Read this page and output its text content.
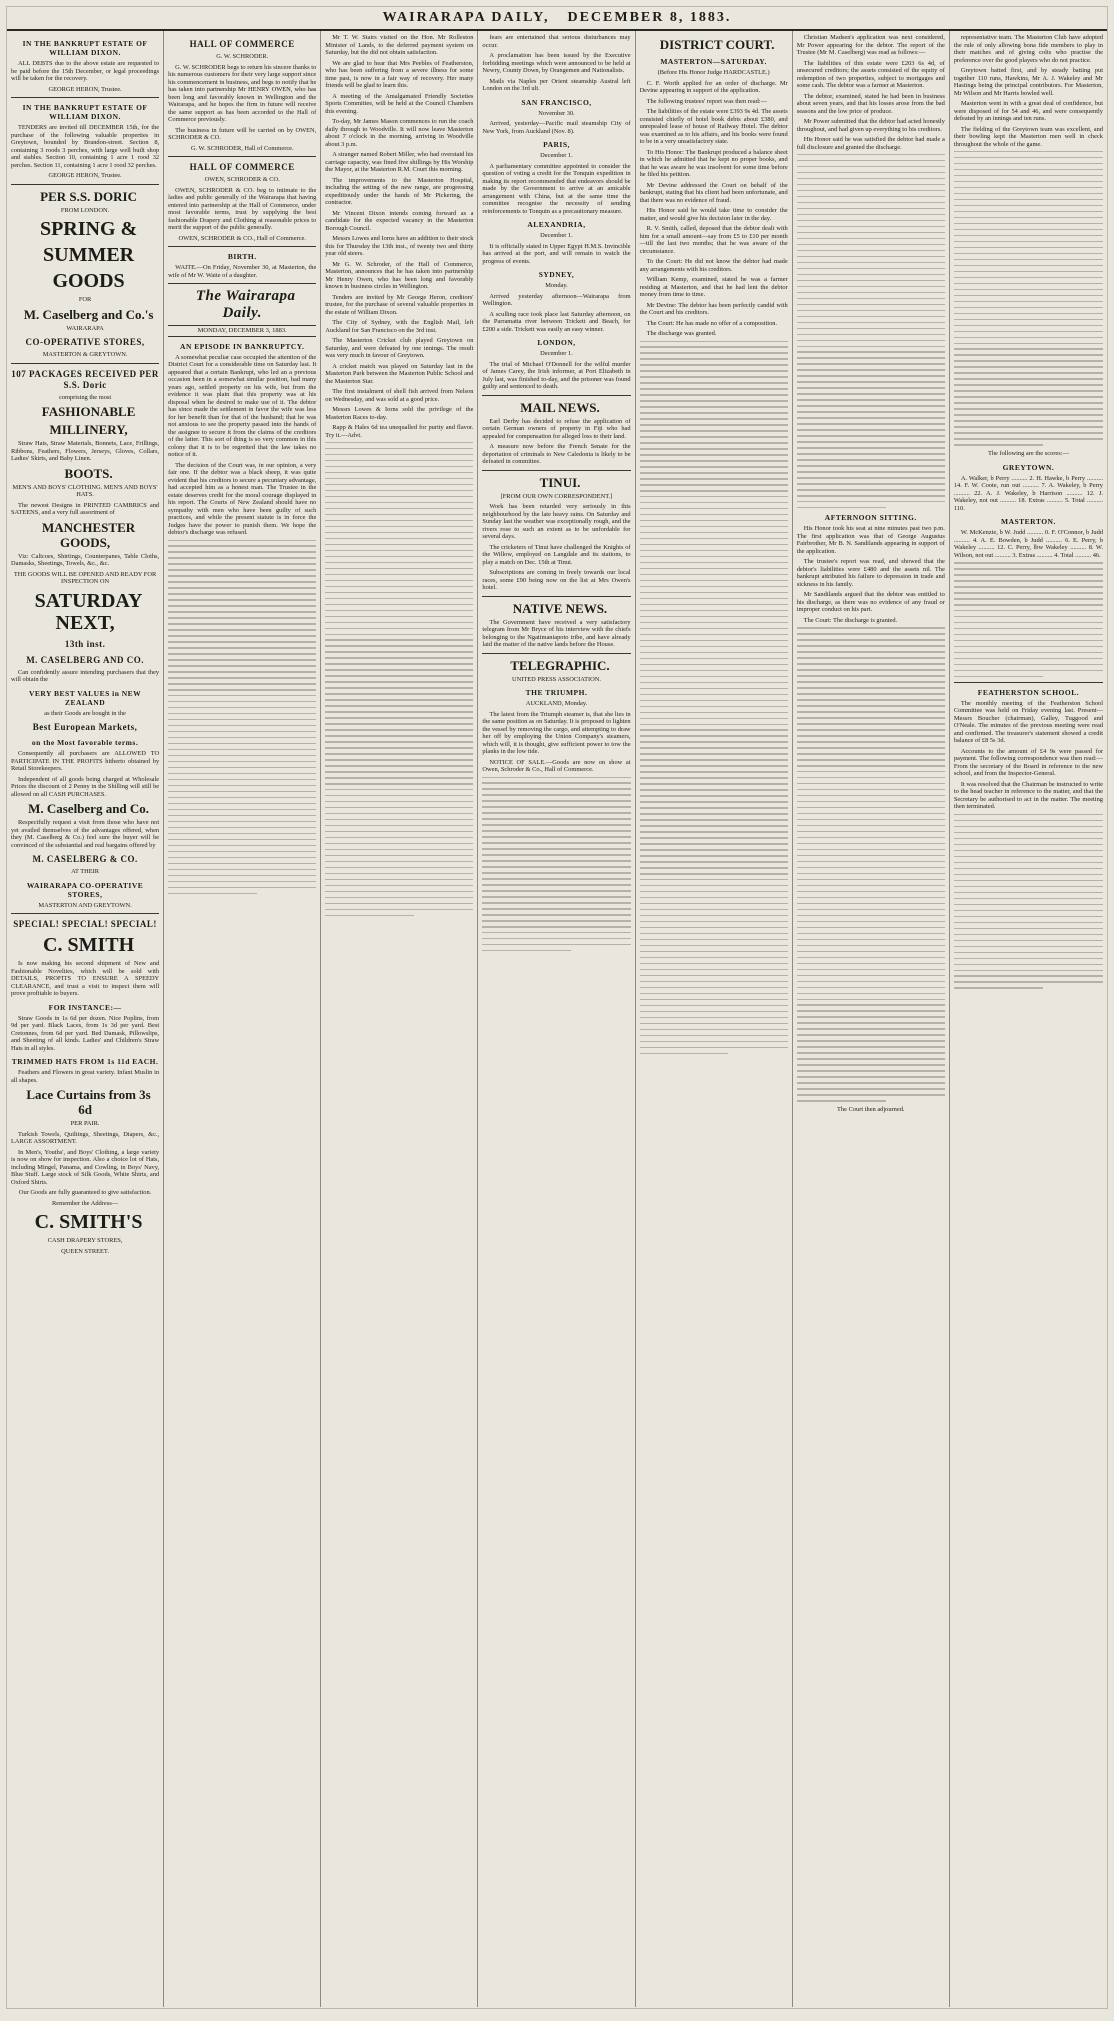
WAIRARAPA DAILY, DECEMBER 8, 1883.

IN THE BANKRUPT ESTATE OF WILLIAM DIXON.

ALL DEBTS due to the above estate are requested to be paid before the 15th December, or legal proceedings will be taken for the recovery.

GEORGE HERON, Trustee.

IN THE BANKRUPT ESTATE OF WILLIAM DIXON.

TENDERS are invited till DECEMBER 15th, for the purchase of the following valuable properties in Greytown, bounded by Brandon-street. Section 8, containing 3 roods 3 perches, with large well built shop and stables. Section 10, containing 1 acre 1 rood 32 perches. Section 11, containing 1 acre 1 rood 32 perches.

GEORGE HERON, Trustee.

PER S.S. DORIC

FROM LONDON.

SPRING &

SUMMER

GOODS

FOR

M. Caselberg and Co.'s

WAIRARAPA

CO-OPERATIVE STORES,

MASTERTON & GREYTOWN.

107 PACKAGES RECEIVED PER S.S. Doric

comprising the most

FASHIONABLE

MILLINERY,

Straw Hats, Straw Materials, Bonnets, Lace, Frillings, Ribbons, Feathers, Flowers, Jerseys, Gloves, Collars, Ladies' Skirts, and Baby Linen.

BOOTS.

MEN'S AND BOYS' CLOTHING. MEN'S AND BOYS' HATS.

The newest Designs in PRINTED CAMBRICS and SATEENS, and a very full assortment of

MANCHESTER GOODS,

Viz: Calicoes, Shirtings, Counterpanes, Table Cloths, Damasks, Sheetings, Towels, &c., &c.

THE GOODS WILL BE OPENED AND READY FOR INSPECTION ON

SATURDAY NEXT,

13th inst.

M. CASELBERG AND CO.

Can confidently assure intending purchasers that they will obtain the

VERY BEST VALUES in NEW ZEALAND

as their Goods are bought in the

Best European Markets,

on the Most favorable terms.

Consequently all purchasers are ALLOWED TO PARTICIPATE IN THE PROFITS hitherto obtained by Retail Storekeepers.

Independent of all goods being charged at Wholesale Prices the discount of 2 Penny in the Shilling will still be allowed on all CASH PURCHASES.

M. Caselberg and Co.

Respectfully request a visit from those who have not yet availed themselves of the advantages offered, when they (M. Caselberg & Co.) feel sure the buyer will be convinced of the substantial and real bargains offered by

M. CASELBERG & CO.

AT THEIR

WAIRARAPA CO-OPERATIVE STORES,

MASTERTON AND GREYTOWN.

SPECIAL! SPECIAL! SPECIAL!

C. SMITH

Is now making his second shipment of New and Fashionable Novelties, which will be sold with DETAILS, PROFITS TO ENSURE A SPEEDY CLEARANCE, and trust a visit to inspect them will prove profitable to buyers.

FOR INSTANCE:—

Straw Goods in 1s 6d per dozen. Nice Poplins, from 9d per yard. Black Laces, from 1s 3d per yard. Best Cretonnes, from 6d per yard. Bed Damask, Pillowslips, and Sheeting of all kinds. Ladies' and Children's Straw Hats in all styles.

TRIMMED HATS FROM 1s 11d EACH.

Feathers and Flowers in great variety. Infant Muslin in all shapes.

Lace Curtains from 3s 6d

PER PAIR.

Turkish Towels, Quiltings, Sheetings, Diapers, &c., LARGE ASSORTMENT.

In Men's, Youths', and Boys' Clothing, a large variety is now on show for inspection. Also a choice lot of Hats, including Mingel, Panama, and Cowling, in Boys' Navy, Blue Stuff. Large stock of Silk Goods, White Shirts, and Oxford Shirts.

Our Goods are fully guaranteed to give satisfaction.

Remember the Address—

C. SMITH'S

CASH DRAPERY STORES,

QUEEN STREET.

HALL OF COMMERCE

G. W. SCHRODER.

G. W. SCHRODER begs to return his sincere thanks to his numerous customers for their very large support since his commencement in business, and begs to notify that he has taken into partnership Mr HENRY OWEN, who has been long and favorably known in Wellington and the Wairarapa, and he hopes the firm in future will receive the same support as has been accorded to the Hall of Commerce previously.

The business in future will be carried on by OWEN, SCHRODER & CO.

G. W. SCHRODER, Hall of Commerce.

HALL OF COMMERCE

OWEN, SCHRODER & CO.

OWEN, SCHRODER & CO. beg to intimate to the ladies and public generally of the Wairarapa that having entered into partnership at the Hall of Commerce, under most favorable terms, trust by supplying the best fashionable Drapery and Clothing at reasonable prices to merit the support of the public generally.

OWEN, SCHRODER & CO., Hall of Commerce.

BIRTH.

WAITE.—On Friday, November 30, at Masterton, the wife of Mr W. Waite of a daughter.

The Wairarapa Daily.

MONDAY, DECEMBER 3, 1883.

AN EPISODE IN BANKRUPTCY.

A somewhat peculiar case occupied the attention of the District Court for a considerable time on Saturday last. It appeared that a certain Bankrupt, who led an a previous occasion been in a somewhat similar position, had many years ago, settled property on his wife, but from the evidence it was plain that this property was at his disposal when he desired to make use of it. The debtor has since made the settlement in favor the wife was less for her benefit than for that of the husband; that he was not anxious to see the property passed into the hands of the assignee to secure it from the claims of the creditors of the latter. This sort of thing is so very common in this colony that it is to be regretted that the law takes no notice of it.

The decision of the Court was, in our opinion, a very fair one. If the debtor was a black sheep, it was quite evident that his creditors to secure a pecuniary advantage, had accepted him as a honest man. The Trustee in the estate deserves credit for the moral courage displayed in his report. The Courts of New Zealand should have no sympathy with men who have been guilty of such practices, and while the present statute is in force the Judges have the power to punish them. We hope the debtor's discharge was refused.

Mr T. W. Stairs visited on the Hon. Mr Rolleston Minister of Lands, to the deferred payment system on Saturday, but the did not obtain satisfaction.

We are glad to hear that Mrs Peebles of Featherston, who has been suffering from a severe illness for some time past, is now in a fair way of recovery. Her many friends will be glad to learn this.

A meeting of the Amalgamated Friendly Societies Sports Committee, will be held at the Council Chambers this evening.

To-day, Mr James Mason commences to run the coach daily through to Woodville. It will now leave Masterton about 7 o'clock in the morning, arriving in Woodville about 3 p.m.

A stranger named Robert Miller, who had overstaid his carriage capacity, was fined five shillings by His Worship the Mayor, at the Masterton R.M. Court this morning.

The improvements to the Masterton Hospital, including the setting of the new range, are progressing expeditiously under the hands of Mr Pickering, the contractor.

Mr Vincent Dixon intends coming forward as a candidate for the expected vacancy in the Masterton Borough Council.

Messrs Lowes and Iorns have an addition to their stock this for Thursday the 13th inst., of twenty two and thirty year old steers.

Mr G. W. Schroder, of the Hall of Commerce, Masterton, announces that he has taken into partnership Mr Henry Owen, who has been long and favorably known in business circles in Wellington.

Tenders are invited by Mr George Heron, creditors' trustee, for the purchase of several valuable properties in the estate of William Dixon.

The City of Sydney, with the English Mail, left Auckland for San Francisco on the 3rd inst.

The Masterton Cricket club played Greytown on Saturday, and were defeated by one innings. The result was very much in favour of Greytown.

A cricket match was played on Saturday last in the Masterton Park between the Masterton Public School and the Masterton Star.

The first instalment of shell fish arrived from Nelson on Wednesday, and was sold at a good price.

Messrs Lowes & Iorns sold the privilege of the Masterton Races to-day.

Rapp & Hales 6d tea unequalled for purity and flavor. Try it.—Advt.

fears are entertained that serious disturbances may occur.

A proclamation has been issued by the Executive forbidding meetings which were announced to be held at Newry, County Down, by Orangemen and Nationalists.

Mails via Naples per Orient steamship Austral left London on the 3rd ult.

SAN FRANCISCO,

November 30.

Arrived, yesterday—Pacific mail steamship City of New York, from Auckland (Nov. 8).

PARIS,

December 1.

A parliamentary committee appointed to consider the question of voting a credit for the Tonquin expedition in making its report recommended that endeavors should be made by the Government to arrive at an amicable arrangement with China, but at the same time the committee recognise the necessity of sending reinforcements to Tonquin as a precautionary measure.

ALEXANDRIA,

December 1.

It is officially stated in Upper Egypt H.M.S. Invincible has arrived at the port, and will remain to watch the progress of events.

SYDNEY,

Monday.

Arrived yesterday afternoon—Wairarapa from Wellington.

A sculling race took place last Saturday afternoon, on the Parramatta river between Trickett and Beach, for £200 a side. Trickett was easily an easy winner.

LONDON,

December 1.

The trial of Michael O'Donnell for the wilful murder of James Carey, the Irish informer, at Port Elizabeth in July last, was finished to-day, and the prisoner was found guilty and sentenced to death.

MAIL NEWS.

Earl Derby has decided to refuse the application of certain German owners of property in Fiji who had appealed for compensation for alleged loss to their land.

A measure now before the French Senate for the deportation of criminals to New Caledonia is likely to be defeated in committee.

TINUI.

[FROM OUR OWN CORRESPONDENT.]

Work has been retarded very seriously in this neighbourhood by the late heavy rains. On Saturday and Sunday last the weather was exceptionally rough, and the rivers rose to such an extent as to be unfordable for several days.

The cricketers of Tinui have challenged the Knights of the Willow, employed on Langdale and its stations, to play a match on Dec. 15th at Tinui.

Subscriptions are coming in freely towards our local races, some £90 being now on the list at Mrs Owen's hotel.

NATIVE NEWS.

The Government have received a very satisfactory telegram from Mr Bryce of his interview with the chiefs belonging to the Ngatimaniapoto tribe, and have already laid the matter of the native lands before the House.

TELEGRAPHIC.

UNITED PRESS ASSOCIATION.

THE TRIUMPH.

AUCKLAND, Monday.

The latest from the Triumph steamer is, that she lies in the same position as on Saturday. It is proposed to lighten the vessel by removing the cargo, and attempting to draw her off by employing the Union Company's steamers, which will, it is thought, give sufficient power to tow the planks in the low tide.

NOTICE OF SALE.—Goods are now on show at Owen, Schroder & Co., Hall of Commerce.

DISTRICT COURT.

MASTERTON—SATURDAY.

(Before His Honor Judge HARDCASTLE.)

C. F. Worth applied for an order of discharge. Mr Devine appearing in support of the application.

The following trustees' report was then read:—

The liabilities of the estate were £393 9s 4d. The assets consisted chiefly of hotel book debts about £380, and unrepealed lease of house of Railway Hotel. The debtor was examined as to his affairs, and his books were found to be in a very unsatisfactory state.

To His Honor: The Bankrupt produced a balance sheet in which he admitted that he kept no proper books, and that he was aware he was insolvent for some time before he filed his petition.

Mr Devine addressed the Court on behalf of the bankrupt, stating that his client had been unfortunate, and that there was no evidence of fraud.

His Honor said he would take time to consider the matter, and would give his decision later in the day.

R. V. Smith, called, deposed that the debtor dealt with him for a small amount—say from £5 to £10 per month—till the last two months; that he was aware of the circumstance.

To the Court: He did not know the debtor had made any arrangements with his creditors.

William Kemp, examined, stated he was a farmer residing at Masterton, and that he had lent the debtor money from time to time.

Mr Devine: The debtor has been perfectly candid with the Court and his creditors.

The Court: He has made no offer of a composition.

The discharge was granted.

Christian Madsen's application was next considered, Mr Power appearing for the debtor. The report of the Trustee (Mr M. Caselberg) was read as follows:—

The liabilities of this estate were £203 6s 4d, of unsecured creditors; the assets consisted of the equity of redemption of two properties, subject to mortgages and some cash. The debtor was a farmer at Masterton.

The debtor, examined, stated he had been in business about seven years, and that his losses arose from the bad seasons and the low price of produce.

Mr Power submitted that the debtor had acted honestly throughout, and had given up everything to his creditors.

His Honor said he was satisfied the debtor had made a full disclosure and granted the discharge.

AFTERNOON SITTING.

His Honor took his seat at nine minutes past two p.m. The first application was that of George Augustus Fairbrother, Mr B. N. Sandilands appearing in support of the application.

The trustee's report was read, and showed that the debtor's liabilities were £480 and the assets nil. The bankrupt attributed his failure to depression in trade and sickness in his family.

Mr Sandilands argued that the debtor was entitled to his discharge, as there was no evidence of any fraud or improper conduct on his part.

The Court: The discharge is granted.

The Court then adjourned.

representative team. The Masterton Club have adopted the rule of only allowing bona fide members to play in their matches and of giving colts who practise the preference over the good players who do not practice.

Greytown batted first, and by steady batting put together 110 runs, Hawkins, Mr A. J. Wakeley and Mr Hastings being the principal contributors. For Masterton, Mr Wilson and Mr Harris bowled well.

Masterton went in with a great deal of confidence, but were disposed of for 54 and 46, and were consequently defeated by an innings and ten runs.

The fielding of the Greytown team was excellent, and their bowling kept the Masterton men well in check throughout the whole of the game.

The following are the scores:—

GREYTOWN.

A. Walker, b Perry .......... 2. H. Hawke, b Perry .......... 14. F. W. Coote, run out .......... 7. A. Wakeley, b Perry .......... 22. A. J. Wakeley, b Harrison .......... 12. J. Wakeley, not out .......... 18. Extras .......... 5. Total .......... 110.

MASTERTON.

W. McKenzie, b W. Judd .......... 0. F. O'Connor, b Judd .......... 4. A. E. Bowden, b Judd .......... 6. E. Perry, b Wakeley .......... 12. C. Perry, lbw Wakeley .......... 8. W. Wilson, not out .......... 3. Extras .......... 4. Total .......... 46.

FEATHERSTON SCHOOL.

The monthly meeting of the Featherston School Committee was held on Friday evening last. Present—Messrs Boucher (chairman), Galley, Tuggood and O'Neale. The minutes of the previous meeting were read and confirmed. The treasurer's statement showed a credit balance of £8 5s 3d.

Accounts to the amount of £4 9s were passed for payment. The following correspondence was then read:—From the secretary of the Board in reference to the new school, and from the Inspector-General.

It was resolved that the Chairman be instructed to write to the head teacher in reference to the matter, and that the Secretary be authorised to act in the matter. The meeting then terminated.
